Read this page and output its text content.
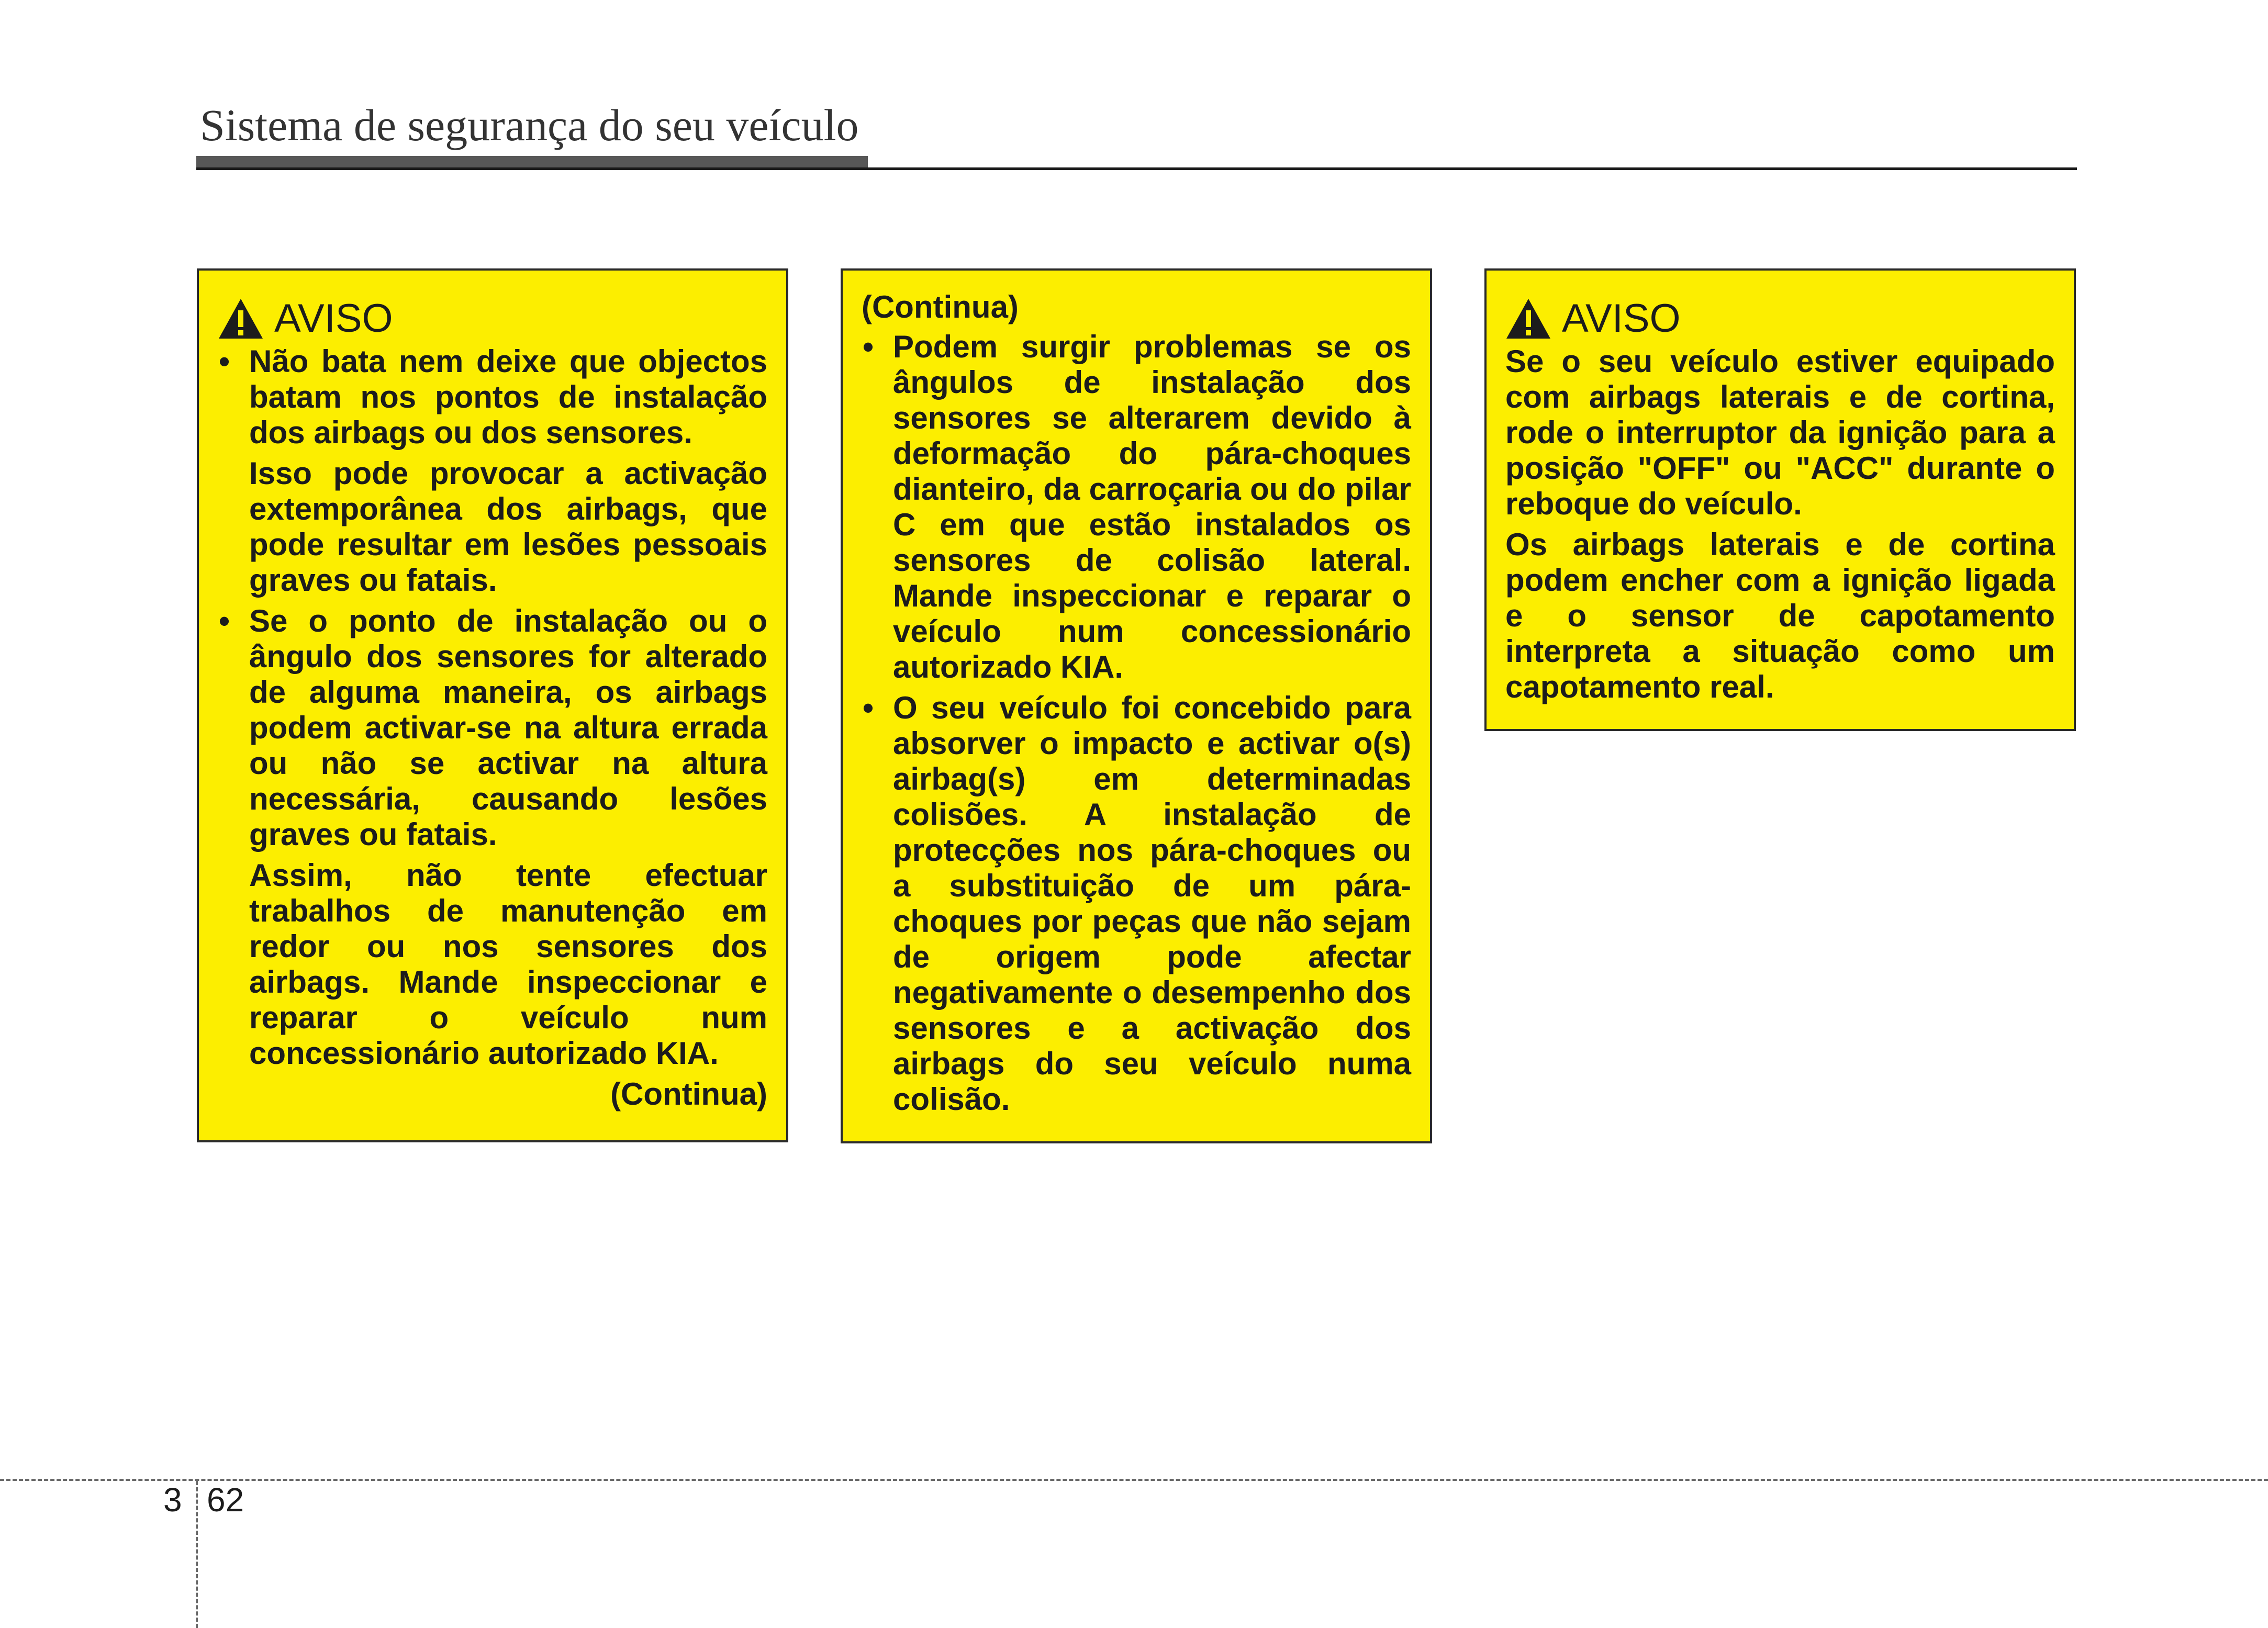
Sistema de segurança do seu veículo
AVISO
• Não bata nem deixe que objectos batam nos pontos de instalação dos airbags ou dos sensores.
Isso pode provocar a activação extemporânea dos airbags, que pode resultar em lesões pessoais graves ou fatais.
• Se o ponto de instalação ou o ângulo dos sensores for alterado de alguma maneira, os airbags podem activar-se na altura errada ou não se activar na altura necessária, causando lesões graves ou fatais.
Assim, não tente efectuar trabalhos de manutenção em redor ou nos sensores dos airbags. Mande inspeccionar e reparar o veículo num concessionário autorizado KIA.
(Continua)
(Continua)
• Podem surgir problemas se os ângulos de instalação dos sensores se alterarem devido à deformação do pára-choques dianteiro, da carroçaria ou do pilar C em que estão instalados os sensores de colisão lateral. Mande inspeccionar e reparar o veículo num concessionário autorizado KIA.
• O seu veículo foi concebido para absorver o impacto e activar o(s) airbag(s) em determinadas colisões. A instalação de protecções nos pára-choques ou a substituição de um pára-choques por peças que não sejam de origem pode afectar negativamente o desempenho dos sensores e a activação dos airbags do seu veículo numa colisão.
AVISO
Se o seu veículo estiver equipado com airbags laterais e de cortina, rode o interruptor da ignição para a posição "OFF" ou "ACC" durante o reboque do veículo.
Os airbags laterais e de cortina podem encher com a ignição ligada e o sensor de capotamento interpreta a situação como um capotamento real.
3 62
